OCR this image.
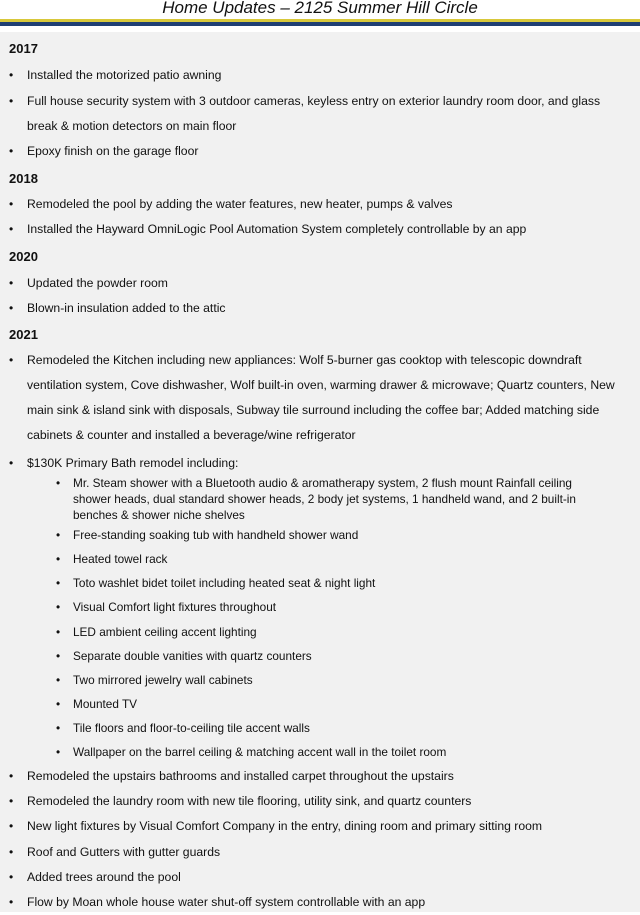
Home Updates – 2125 Summer Hill Circle
2017
• Installed the motorized patio awning
• Full house security system with 3 outdoor cameras, keyless entry on exterior laundry room door, and glass break & motion detectors on main floor
• Epoxy finish on the garage floor
2018
• Remodeled the pool by adding the water features, new heater, pumps & valves
• Installed the Hayward OmniLogic Pool Automation System completely controllable by an app
2020
• Updated the powder room
• Blown-in insulation added to the attic
2021
• Remodeled the Kitchen including new appliances: Wolf 5-burner gas cooktop with telescopic downdraft ventilation system, Cove dishwasher, Wolf built-in oven, warming drawer & microwave; Quartz counters, New main sink & island sink with disposals, Subway tile surround including the coffee bar; Added matching side cabinets & counter and installed a beverage/wine refrigerator
• $130K Primary Bath remodel including:
• Mr. Steam shower with a Bluetooth audio & aromatherapy system, 2 flush mount Rainfall ceiling shower heads, dual standard shower heads, 2 body jet systems, 1 handheld wand, and 2 built-in benches & shower niche shelves
• Free-standing soaking tub with handheld shower wand
• Heated towel rack
• Toto washlet bidet toilet including heated seat & night light
• Visual Comfort light fixtures throughout
• LED ambient ceiling accent lighting
• Separate double vanities with quartz counters
• Two mirrored jewelry wall cabinets
• Mounted TV
• Tile floors and floor-to-ceiling tile accent walls
• Wallpaper on the barrel ceiling & matching accent wall in the toilet room
• Remodeled the upstairs bathrooms and installed carpet throughout the upstairs
• Remodeled the laundry room with new tile flooring, utility sink, and quartz counters
• New light fixtures by Visual Comfort Company in the entry, dining room and primary sitting room
• Roof and Gutters with gutter guards
• Added trees around the pool
• Flow by Moan whole house water shut-off system controllable with an app
